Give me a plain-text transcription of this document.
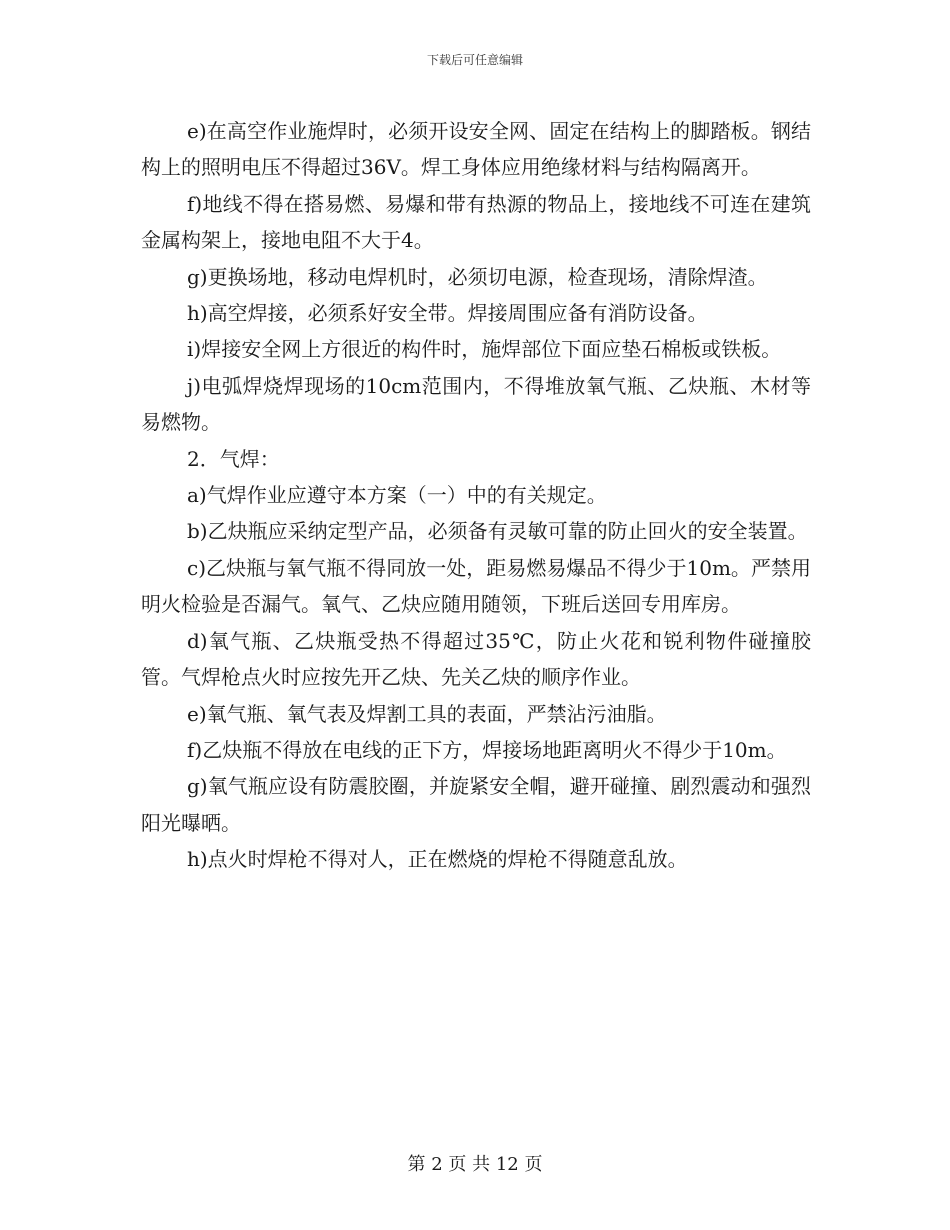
下载后可任意编辑

e)在高空作业施焊时，必须开设安全网、固定在结构上的脚踏板。钢结构上的照明电压不得超过36V。焊工身体应用绝缘材料与结构隔离开。

f)地线不得在搭易燃、易爆和带有热源的物品上，接地线不可连在建筑金属构架上，接地电阻不大于4。

g)更换场地，移动电焊机时，必须切电源，检查现场，清除焊渣。

h)高空焊接，必须系好安全带。焊接周围应备有消防设备。

i)焊接安全网上方很近的构件时，施焊部位下面应垫石棉板或铁板。

j)电弧焊烧焊现场的10cm范围内，不得堆放氧气瓶、乙炔瓶、木材等易燃物。

2．气焊：

a)气焊作业应遵守本方案（一）中的有关规定。

b)乙炔瓶应采纳定型产品，必须备有灵敏可靠的防止回火的安全装置。

c)乙炔瓶与氧气瓶不得同放一处，距易燃易爆品不得少于10m。严禁用明火检验是否漏气。氧气、乙炔应随用随领，下班后送回专用库房。

d)氧气瓶、乙炔瓶受热不得超过35℃，防止火花和锐利物件碰撞胶管。气焊枪点火时应按先开乙炔、先关乙炔的顺序作业。

e)氧气瓶、氧气表及焊割工具的表面，严禁沾污油脂。

f)乙炔瓶不得放在电线的正下方，焊接场地距离明火不得少于10m。

g)氧气瓶应设有防震胶圈，并旋紧安全帽，避开碰撞、剧烈震动和强烈阳光曝晒。

h)点火时焊枪不得对人，正在燃烧的焊枪不得随意乱放。

第 2 页 共 12 页
